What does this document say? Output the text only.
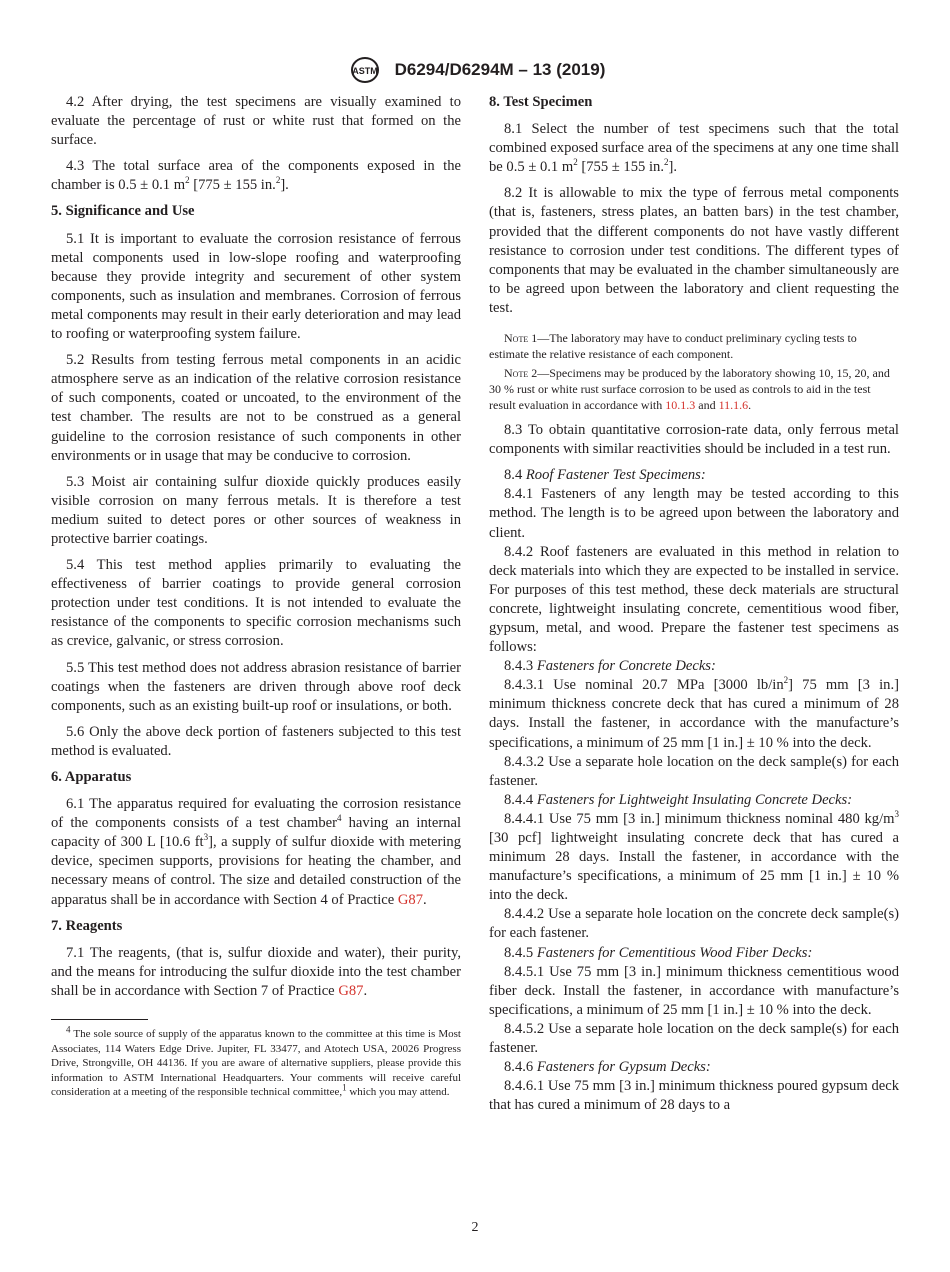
ASTM D6294/D6294M – 13 (2019)

4.2 After drying, the test specimens are visually examined to evaluate the percentage of rust or white rust that formed on the surface.

4.3 The total surface area of the components exposed in the chamber is 0.5 ± 0.1 $m^2$ [775 ± 155 in.$^2$].

5. Significance and Use

5.1 It is important to evaluate the corrosion resistance of ferrous metal components used in low-slope roofing and waterproofing because they provide integrity and securement of other system components, such as insulation and membranes. Corrosion of ferrous metal components may result in their early deterioration and may lead to roofing or waterproofing system failure.

5.2 Results from testing ferrous metal components in an acidic atmosphere serve as an indication of the relative corrosion resistance of such components, coated or uncoated, to the environment of the test chamber. The results are not to be construed as a general guideline to the corrosion resistance of such components in other environments or in usage that may be conducive to corrosion.

5.3 Moist air containing sulfur dioxide quickly produces easily visible corrosion on many ferrous metals. It is therefore a test medium suited to detect pores or other sources of weakness in protective barrier coatings.

5.4 This test method applies primarily to evaluating the effectiveness of barrier coatings to provide general corrosion protection under test conditions. It is not intended to evaluate the resistance of the components to specific corrosion mechanisms such as crevice, galvanic, or stress corrosion.

5.5 This test method does not address abrasion resistance of barrier coatings when the fasteners are driven through above roof deck components, such as an existing built-up roof or insulations, or both.

5.6 Only the above deck portion of fasteners subjected to this test method is evaluated.

6. Apparatus

6.1 The apparatus required for evaluating the corrosion resistance of the components consists of a test chamber$^4$ having an internal capacity of 300 L [10.6 $ft^3$], a supply of sulfur dioxide with metering device, specimen supports, provisions for heating the chamber, and necessary means of control. The size and detailed construction of the apparatus shall be in accordance with Section 4 of Practice G87.

7. Reagents

7.1 The reagents, (that is, sulfur dioxide and water), their purity, and the means for introducing the sulfur dioxide into the test chamber shall be in accordance with Section 7 of Practice G87.

$^4$ The sole source of supply of the apparatus known to the committee at this time is Most Associates, 114 Waters Edge Drive. Jupiter, FL 33477, and Atotech USA, 20026 Progress Drive, Strongville, OH 44136. If you are aware of alternative suppliers, please provide this information to ASTM International Headquarters. Your comments will receive careful consideration at a meeting of the responsible technical committee,$^1$ which you may attend.
8. Test Specimen

8.1 Select the number of test specimens such that the total combined exposed surface area of the specimens at any one time shall be 0.5 ± 0.1 $m^2$ [755 ± 155 in.$^2$].

8.2 It is allowable to mix the type of ferrous metal components (that is, fasteners, stress plates, an batten bars) in the test chamber, provided that the different components do not have vastly different resistance to corrosion under test conditions. The different types of components that may be evaluated in the chamber simultaneously are to be agreed upon between the laboratory and client requesting the test.

Note 1—The laboratory may have to conduct preliminary cycling tests to estimate the relative resistance of each component.
Note 2—Specimens may be produced by the laboratory showing 10, 15, 20, and 30 % rust or white rust surface corrosion to be used as controls to aid in the test result evaluation in accordance with 10.1.3 and 11.1.6.

8.3 To obtain quantitative corrosion-rate data, only ferrous metal components with similar reactivities should be included in a test run.

8.4 Roof Fastener Test Specimens:

8.4.1 Fasteners of any length may be tested according to this method. The length is to be agreed upon between the laboratory and client.

8.4.2 Roof fasteners are evaluated in this method in relation to deck materials into which they are expected to be installed in service. For purposes of this test method, these deck materials are structural concrete, lightweight insulating concrete, cementitious wood fiber, gypsum, metal, and wood. Prepare the fastener test specimens as follows:

8.4.3 Fasteners for Concrete Decks:

8.4.3.1 Use nominal 20.7 MPa [3000 $lb/in^2$] 75 mm [3 in.] minimum thickness concrete deck that has cured a minimum of 28 days. Install the fastener, in accordance with the manufacture’s specifications, a minimum of 25 mm [1 in.] ± 10 % into the deck.

8.4.3.2 Use a separate hole location on the deck sample(s) for each fastener.

8.4.4 Fasteners for Lightweight Insulating Concrete Decks:

8.4.4.1 Use 75 mm [3 in.] minimum thickness nominal 480 $kg/m^3$ [30 pcf] lightweight insulating concrete deck that has cured a minimum 28 days. Install the fastener, in accordance with the manufacture’s specifications, a minimum of 25 mm [1 in.] ± 10 % into the deck.

8.4.4.2 Use a separate hole location on the concrete deck sample(s) for each fastener.

8.4.5 Fasteners for Cementitious Wood Fiber Decks:

8.4.5.1 Use 75 mm [3 in.] minimum thickness cementitious wood fiber deck. Install the fastener, in accordance with manufacture’s specifications, a minimum of 25 mm [1 in.] ± 10 % into the deck.

8.4.5.2 Use a separate hole location on the deck sample(s) for each fastener.

8.4.6 Fasteners for Gypsum Decks:

8.4.6.1 Use 75 mm [3 in.] minimum thickness poured gypsum deck that has cured a minimum of 28 days to a

2
